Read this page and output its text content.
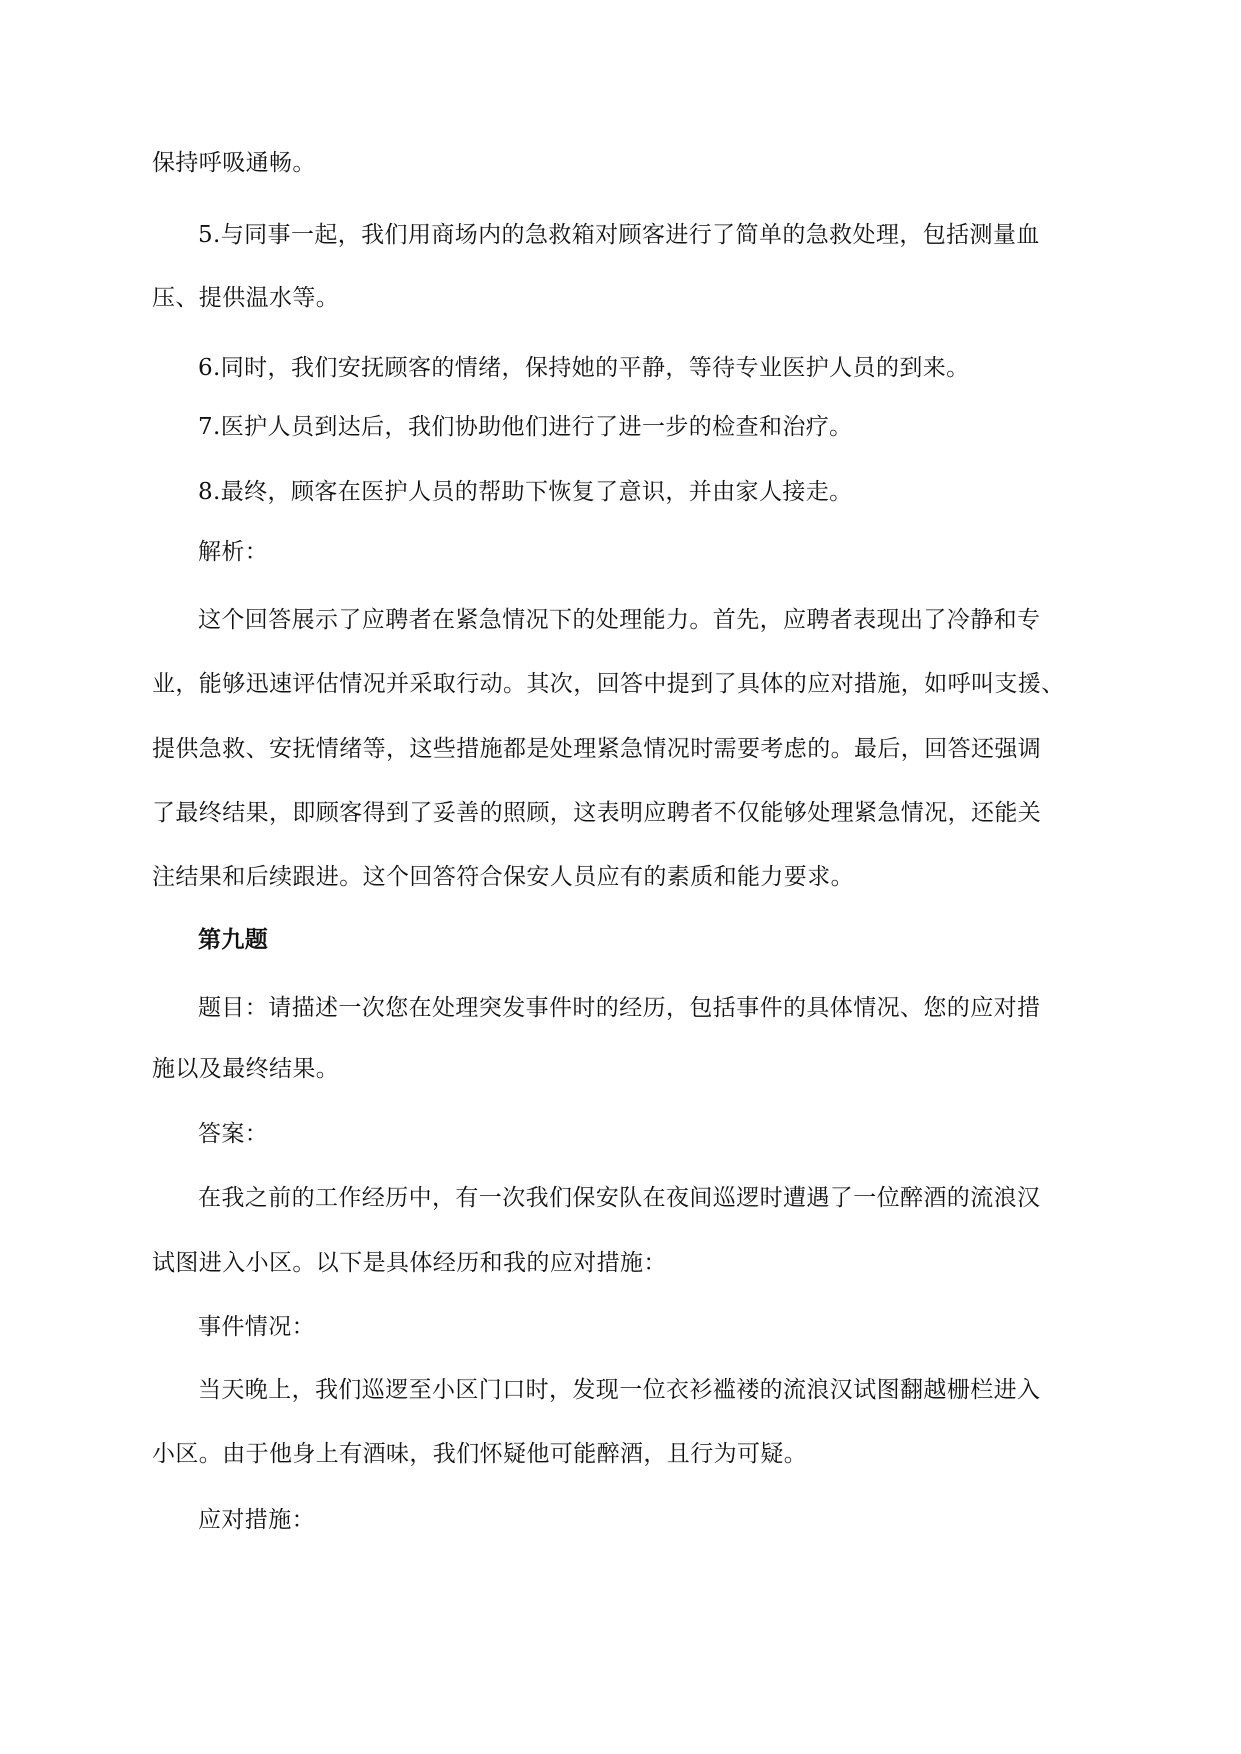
保持呼吸通畅。
5.与同事一起，我们用商场内的急救箱对顾客进行了简单的急救处理，包括测量血
压、提供温水等。
6.同时，我们安抚顾客的情绪，保持她的平静，等待专业医护人员的到来。
7.医护人员到达后，我们协助他们进行了进一步的检查和治疗。
8.最终，顾客在医护人员的帮助下恢复了意识，并由家人接走。
解析：
这个回答展示了应聘者在紧急情况下的处理能力。首先，应聘者表现出了冷静和专
业，能够迅速评估情况并采取行动。其次，回答中提到了具体的应对措施，如呼叫支援、
提供急救、安抚情绪等，这些措施都是处理紧急情况时需要考虑的。最后，回答还强调
了最终结果，即顾客得到了妥善的照顾，这表明应聘者不仅能够处理紧急情况，还能关
注结果和后续跟进。这个回答符合保安人员应有的素质和能力要求。
第九题
题目：请描述一次您在处理突发事件时的经历，包括事件的具体情况、您的应对措
施以及最终结果。
答案：
在我之前的工作经历中，有一次我们保安队在夜间巡逻时遭遇了一位醉酒的流浪汉
试图进入小区。以下是具体经历和我的应对措施：
事件情况：
当天晚上，我们巡逻至小区门口时，发现一位衣衫褴褛的流浪汉试图翻越栅栏进入
小区。由于他身上有酒味，我们怀疑他可能醉酒，且行为可疑。
应对措施：
